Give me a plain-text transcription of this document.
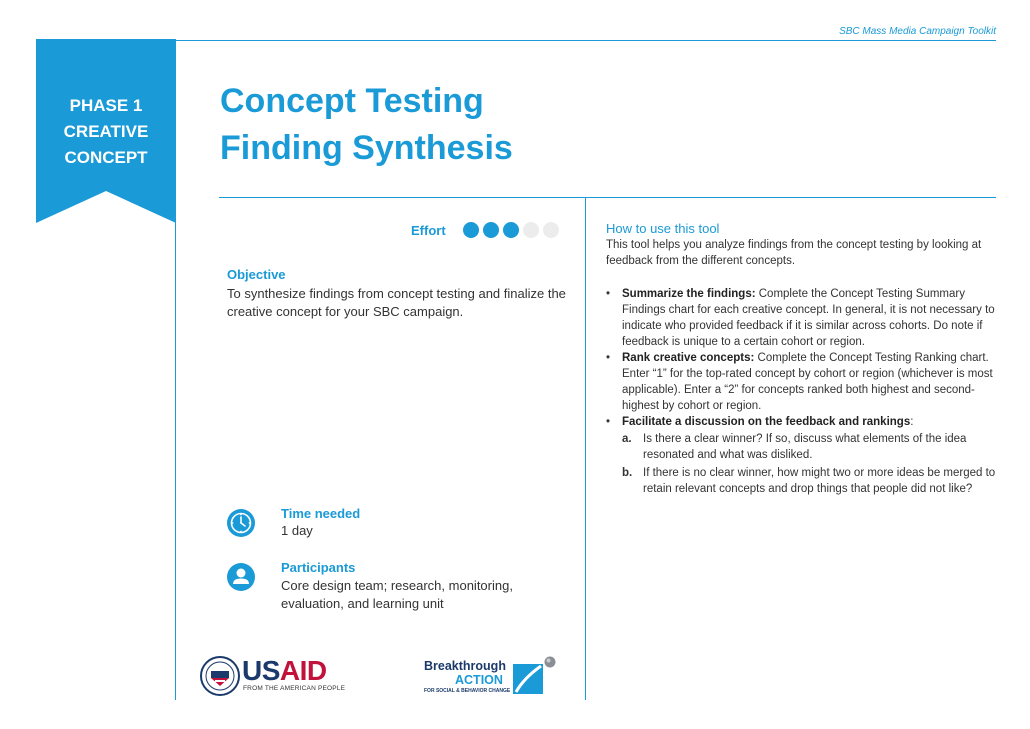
SBC Mass Media Campaign Toolkit
PHASE 1
CREATIVE
CONCEPT
Concept Testing
Finding Synthesis
Effort
Objective
To synthesize findings from concept testing and finalize the creative concept for your SBC campaign.
Time needed
1 day
Participants
Core design team; research, monitoring, evaluation, and learning unit
How to use this tool
This tool helps you analyze findings from the concept testing by looking at feedback from the different concepts.
•	Summarize the findings: Complete the Concept Testing Summary Findings chart for each creative concept. In general, it is not necessary to indicate who provided feedback if it is similar across cohorts. Do note if feedback is unique to a certain cohort or region.
•	Rank creative concepts: Complete the Concept Testing Ranking chart. Enter “1” for the top-rated concept by cohort or region (whichever is most applicable). Enter a “2” for concepts ranked both highest and second-highest by cohort or region.
•	Facilitate a discussion on the feedback and rankings:
a. Is there a clear winner? If so, discuss what elements of the idea resonated and what was disliked.
b. If there is no clear winner, how might two or more ideas be merged to retain relevant concepts and drop things that people did not like?
USAID
FROM THE AMERICAN PEOPLE
Breakthrough
ACTION
FOR SOCIAL & BEHAVIOR CHANGE
